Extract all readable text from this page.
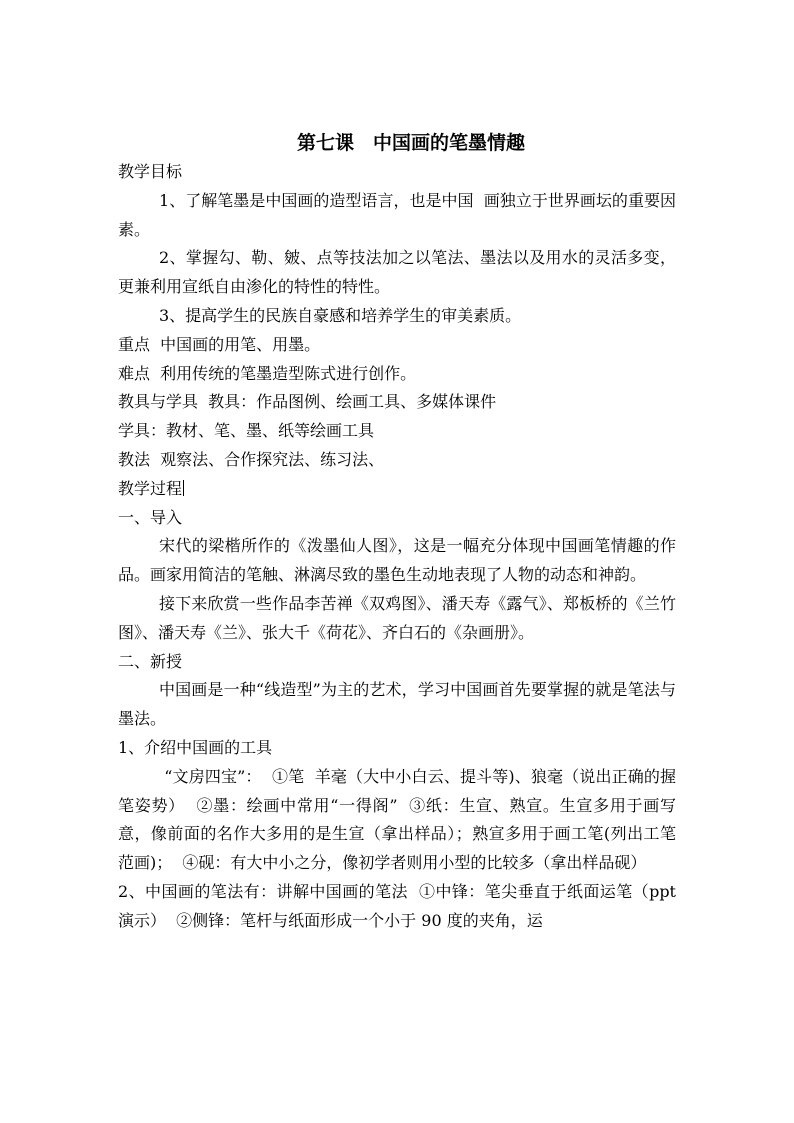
第七课　中国画的笔墨情趣

教学目标

1、了解笔墨是中国画的造型语言，也是中国  画独立于世界画坛的重要因素。

2、掌握勾、勒、皴、点等技法加之以笔法、墨法以及用水的灵活多变，更兼利用宣纸自由渗化的特性的特性。

3、提高学生的民族自豪感和培养学生的审美素质。

重点  中国画的用笔、用墨。

难点  利用传统的笔墨造型陈式进行创作。

教具与学具  教具：作品图例、绘画工具、多媒体课件

学具：教材、笔、墨、纸等绘画工具

教法  观察法、合作探究法、练习法、

教学过程

一、导入

宋代的梁楷所作的《泼墨仙人图》，这是一幅充分体现中国画笔情趣的作品。画家用简洁的笔触、淋漓尽致的墨色生动地表现了人物的动态和神韵。

接下来欣赏一些作品李苦禅《双鸡图》、潘天寿《露气》、郑板桥的《兰竹图》、潘天寿《兰》、张大千《荷花》、齐白石的《杂画册》。

二、新授

中国画是一种“线造型”为主的艺术，学习中国画首先要掌握的就是笔法与墨法。

1、介绍中国画的工具

“文房四宝”：  ①笔  羊毫（大中小白云、提斗等)、狼毫（说出正确的握笔姿势）  ②墨：绘画中常用“一得阁”  ③纸：生宣、熟宣。生宣多用于画写意，像前面的名作大多用的是生宣（拿出样品）；熟宣多用于画工笔(列出工笔范画)；  ④砚：有大中小之分，像初学者则用小型的比较多（拿出样品砚）

2、中国画的笔法有：讲解中国画的笔法  ①中锋：笔尖垂直于纸面运笔（ppt 演示）  ②侧锋：笔杆与纸面形成一个小于 90 度的夹角，运
